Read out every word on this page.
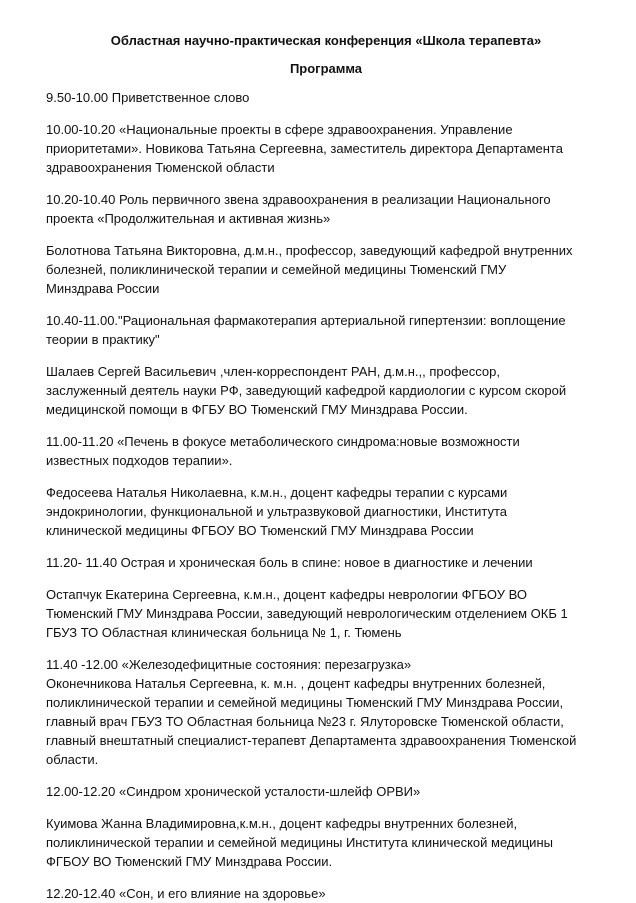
Областная научно-практическая конференция «Школа терапевта»
Программа
9.50-10.00 Приветственное слово
10.00-10.20 «Национальные проекты в сфере здравоохранения. Управление
приоритетами». Новикова Татьяна Сергеевна, заместитель директора Департамента
здравоохранения Тюменской области
10.20-10.40 Роль первичного звена здравоохранения в реализации Национального
проекта «Продолжительная и активная жизнь»
Болотнова Татьяна Викторовна, д.м.н., профессор, заведующий кафедрой внутренних
болезней, поликлинической терапии и семейной медицины Тюменский ГМУ
Минздрава России
10.40-11.00."Рациональная фармакотерапия артериальной гипертензии: воплощение
теории в практику"
Шалаев Сергей Васильевич ,член-корреспондент РАН, д.м.н.,, профессор,
заслуженный деятель науки РФ, заведующий кафедрой кардиологии с курсом скорой
медицинской помощи в ФГБУ ВО Тюменский ГМУ Минздрава России.
11.00-11.20 «Печень в фокусе метаболического синдрома:новые возможности
известных подходов терапии».
Федосеева Наталья Николаевна, к.м.н., доцент кафедры терапии с курсами
эндокринологии, функциональной и ультразвуковой диагностики, Института
клинической медицины ФГБОУ ВО Тюменский ГМУ Минздрава России
11.20- 11.40 Острая и хроническая боль в спине: новое в диагностике и лечении
Остапчук Екатерина Сергеевна, к.м.н., доцент кафедры неврологии ФГБОУ ВО
Тюменский ГМУ Минздрава России, заведующий неврологическим отделением ОКБ 1
ГБУЗ ТО Областная клиническая больница № 1, г. Тюмень
11.40 -12.00 «Железодефицитные состояния: перезагрузка»
Оконечникова Наталья Сергеевна, к. м.н. , доцент кафедры внутренних болезней,
поликлинической терапии и семейной медицины Тюменский ГМУ Минздрава России,
главный врач ГБУЗ ТО Областная больница №23 г. Ялуторовске Тюменской области,
главный внештатный специалист-терапевт Департамента здравоохранения Тюменской
области.
12.00-12.20 «Синдром хронической усталости-шлейф ОРВИ»
Куимова Жанна Владимировна,к.м.н., доцент кафедры внутренних болезней,
поликлинической терапии и семейной медицины Института клинической медицины
ФГБОУ ВО Тюменский ГМУ Минздрава России.
12.20-12.40 «Сон, и его влияние на здоровье»
